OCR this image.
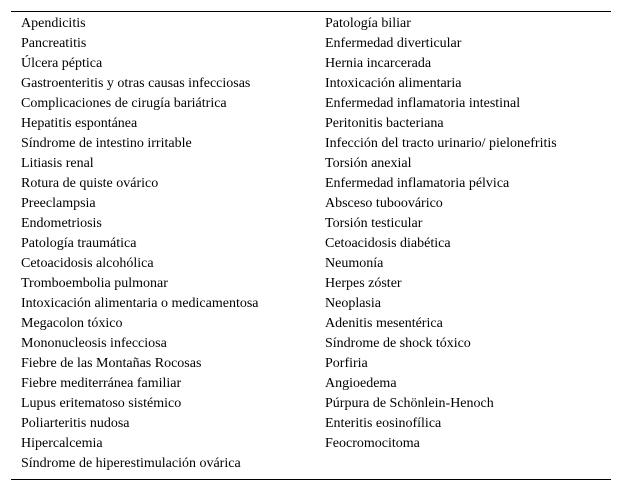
Apendicitis
Pancreatitis
Úlcera péptica
Gastroenteritis y otras causas infecciosas
Complicaciones de cirugía bariátrica
Hepatitis espontánea
Síndrome de intestino irritable
Litiasis renal
Rotura de quiste ovárico
Preeclampsia
Endometriosis
Patología traumática
Cetoacidosis alcohólica
Tromboembolia pulmonar
Intoxicación alimentaria o medicamentosa
Megacolon tóxico
Mononucleosis infecciosa
Fiebre de las Montañas Rocosas
Fiebre mediterránea familiar
Lupus eritematoso sistémico
Poliarteritis nudosa
Hipercalcemia
Síndrome de hiperestimulación ovárica
Patología biliar
Enfermedad diverticular
Hernia incarcerada
Intoxicación alimentaria
Enfermedad inflamatoria intestinal
Peritonitis bacteriana
Infección del tracto urinario/ pielonefritis
Torsión anexial
Enfermedad inflamatoria pélvica
Absceso tuboovárico
Torsión testicular
Cetoacidosis diabética
Neumonía
Herpes zóster
Neoplasia
Adenitis mesentérica
Síndrome de shock tóxico
Porfiria
Angioedema
Púrpura de Schönlein-Henoch
Enteritis eosinofílica
Feocromocitoma
